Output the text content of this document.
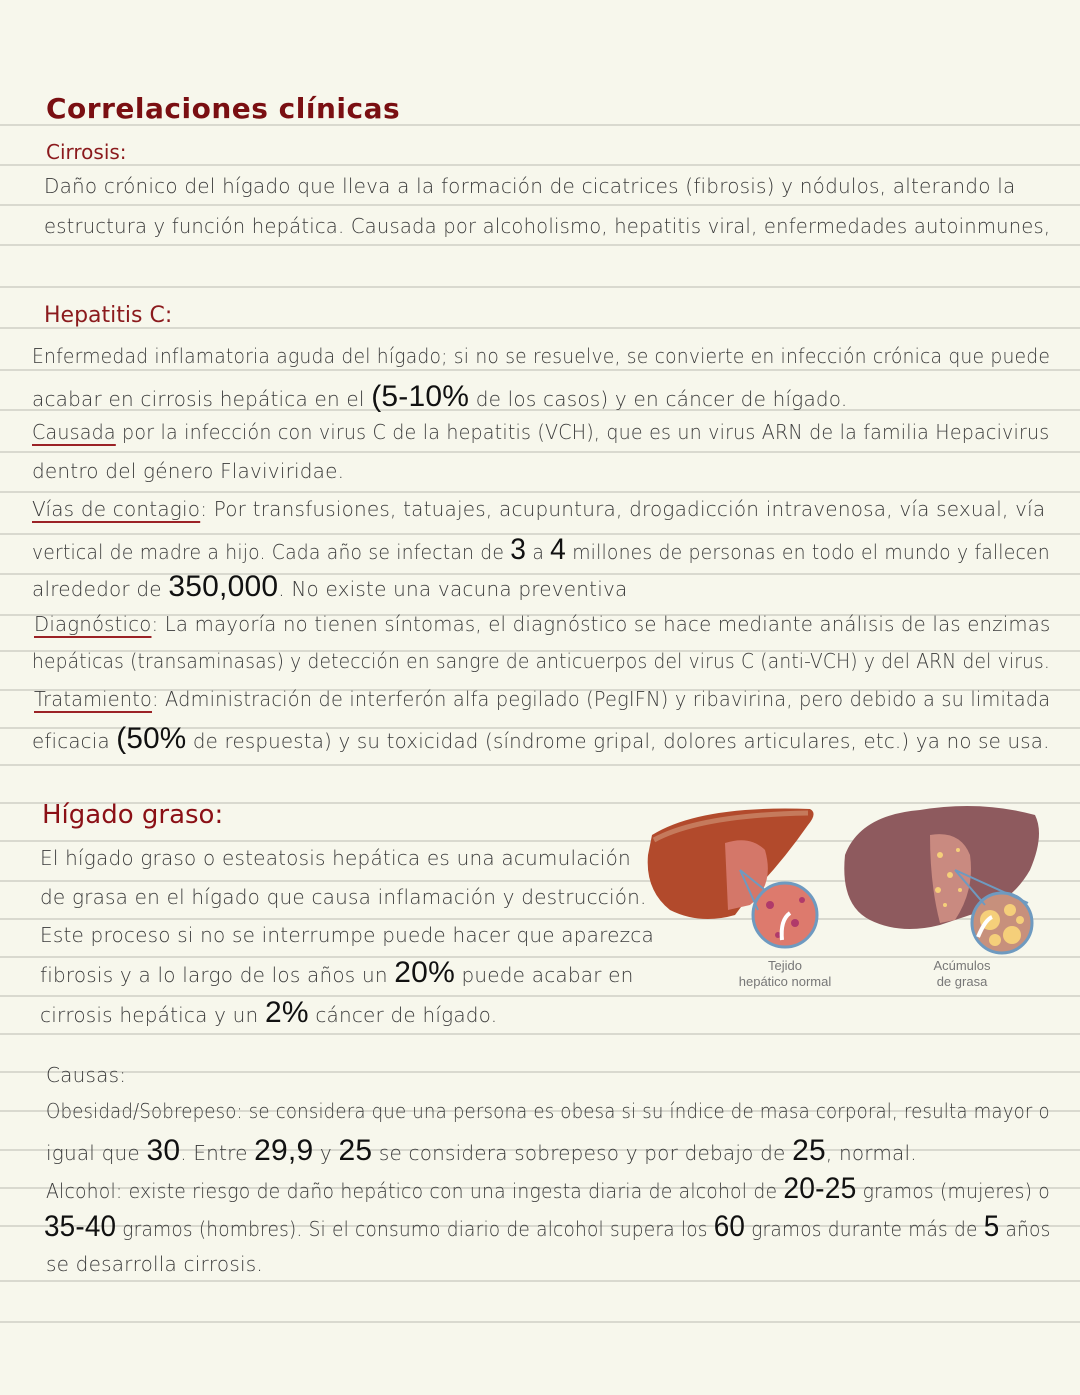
Correlaciones clínicas
Cirrosis:
Daño crónico del hígado que lleva a la formación de cicatrices (fibrosis) y nódulos, alterando la
estructura y función hepática. Causada por alcoholismo, hepatitis viral, enfermedades autoinmunes,
Hepatitis C:
Enfermedad inflamatoria aguda del hígado; si no se resuelve, se convierte en infección crónica que puede
acabar en cirrosis hepática en el (5-10% de los casos) y en cáncer de hígado.
Causada por la infección con virus C de la hepatitis (VCH), que es un virus ARN de la familia Hepacivirus
dentro del género Flaviviridae.
Vías de contagio: Por transfusiones, tatuajes, acupuntura, drogadicción intravenosa, vía sexual, vía
vertical de madre a hijo. Cada año se infectan de 3 a 4 millones de personas en todo el mundo y fallecen
alrededor de 350,000. No existe una vacuna preventiva
Diagnóstico: La mayoría no tienen síntomas, el diagnóstico se hace mediante análisis de las enzimas
hepáticas (transaminasas) y detección en sangre de anticuerpos del virus C (anti-VCH) y del ARN del virus.
Tratamiento: Administración de interferón alfa pegilado (PegIFN) y ribavirina, pero debido a su limitada
eficacia (50% de respuesta) y su toxicidad (síndrome gripal, dolores articulares, etc.) ya no se usa.
Hígado graso:
El hígado graso o esteatosis hepática es una acumulación
de grasa en el hígado que causa inflamación y destrucción.
Este proceso si no se interrumpe puede hacer que aparezca
fibrosis y a lo largo de los años un 20% puede acabar en
cirrosis hepática y un 2% cáncer de hígado.
Tejido
hepático normal
Acúmulos
de grasa
Causas:
Obesidad/Sobrepeso: se considera que una persona es obesa si su índice de masa corporal, resulta mayor o
igual que 30. Entre 29,9 y 25 se considera sobrepeso y por debajo de 25, normal.
Alcohol: existe riesgo de daño hepático con una ingesta diaria de alcohol de 20-25 gramos (mujeres) o
35-40 gramos (hombres). Si el consumo diario de alcohol supera los 60 gramos durante más de 5 años
se desarrolla cirrosis.
